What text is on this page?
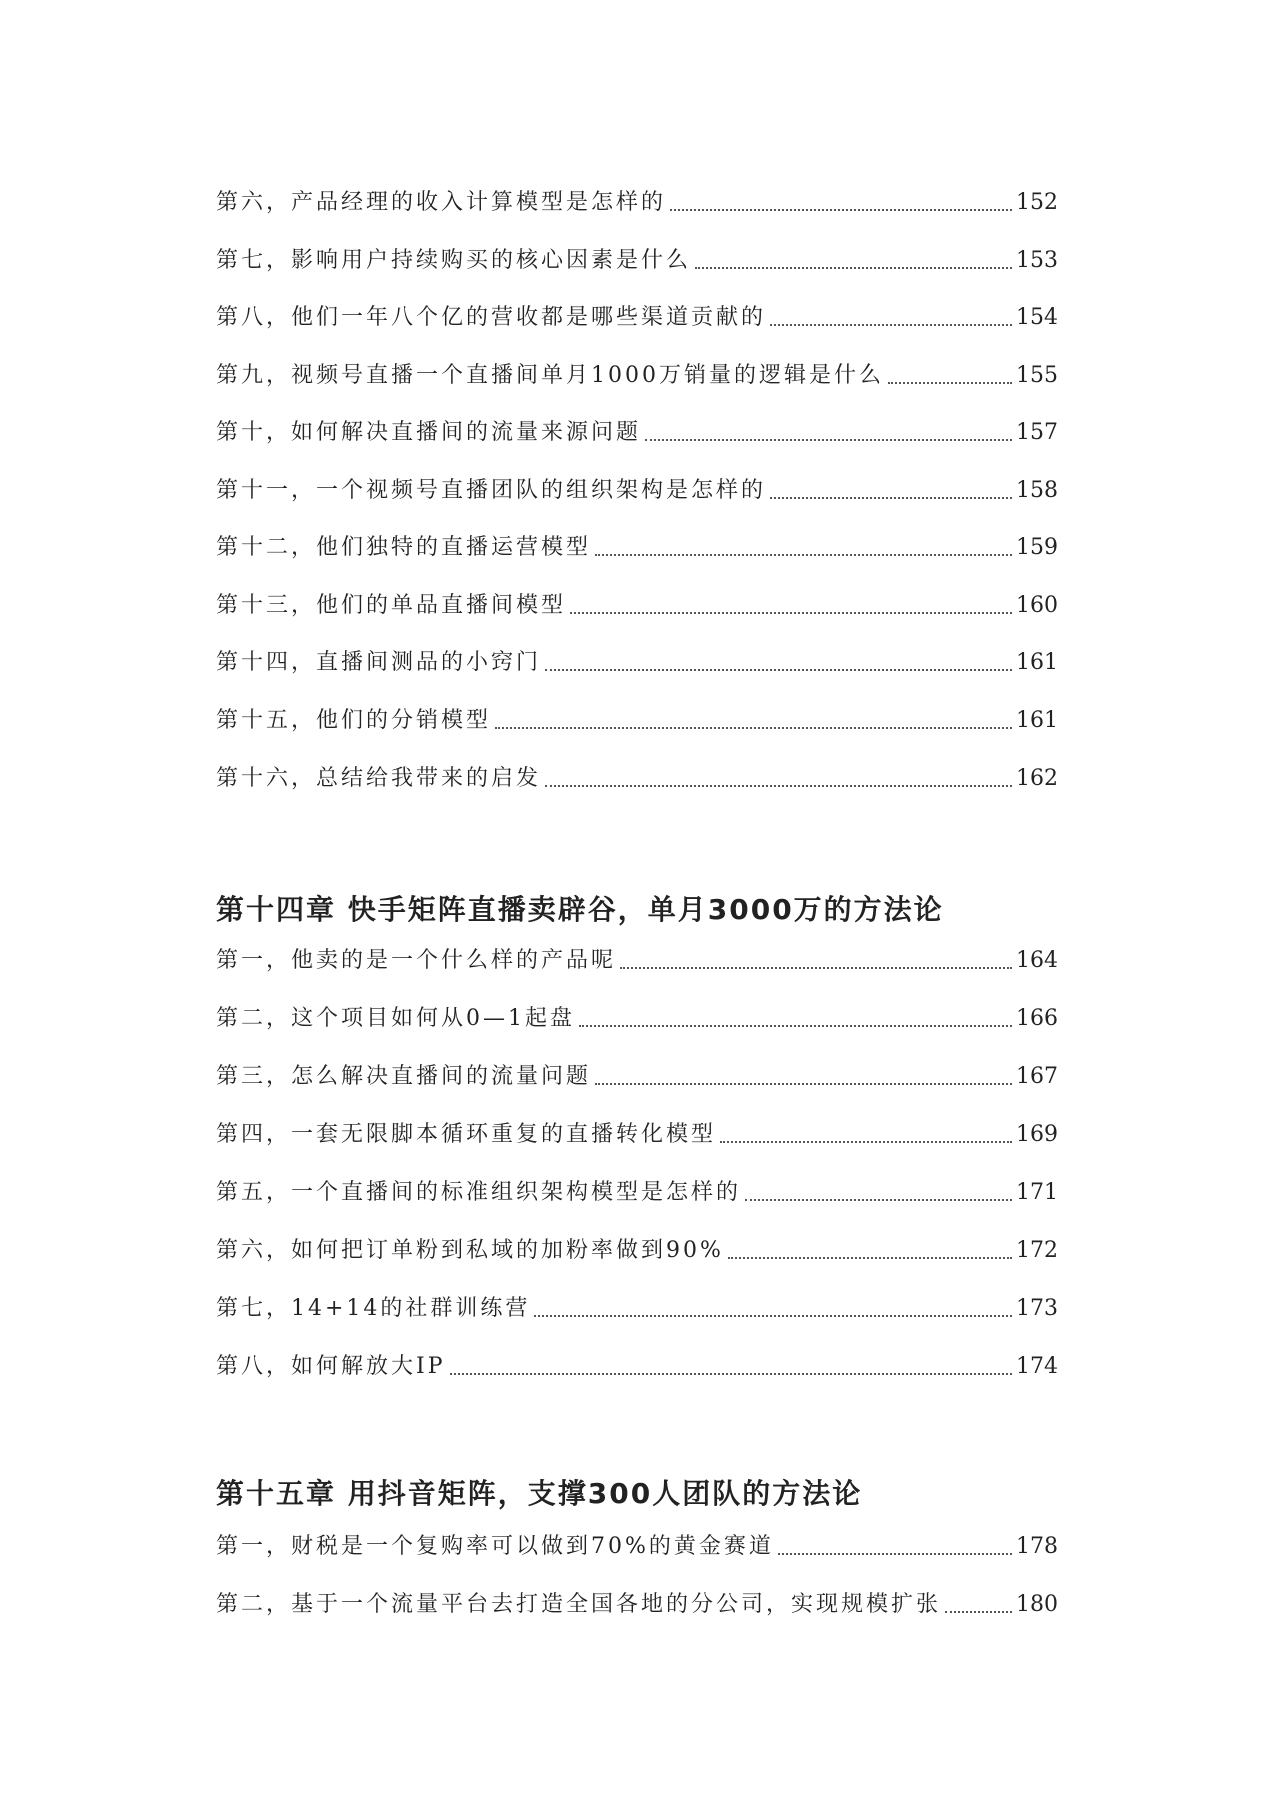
第六，产品经理的收入计算模型是怎样的	152
第七，影响用户持续购买的核心因素是什么	153
第八，他们一年八个亿的营收都是哪些渠道贡献的	154
第九，视频号直播一个直播间单月1000万销量的逻辑是什么	155
第十，如何解决直播间的流量来源问题	157
第十一，一个视频号直播团队的组织架构是怎样的	158
第十二，他们独特的直播运营模型	159
第十三，他们的单品直播间模型	160
第十四，直播间测品的小窍门	161
第十五，他们的分销模型	161
第十六，总结给我带来的启发	162
第十四章 快手矩阵直播卖辟谷，单月3000万的方法论
第一，他卖的是一个什么样的产品呢	164
第二，这个项目如何从0—1起盘	166
第三，怎么解决直播间的流量问题	167
第四，一套无限脚本循环重复的直播转化模型	169
第五，一个直播间的标准组织架构模型是怎样的	171
第六，如何把订单粉到私域的加粉率做到90%	172
第七，14+14的社群训练营	173
第八，如何解放大IP	174
第十五章 用抖音矩阵，支撑300人团队的方法论
第一，财税是一个复购率可以做到70%的黄金赛道	178
第二，基于一个流量平台去打造全国各地的分公司，实现规模扩张	180
